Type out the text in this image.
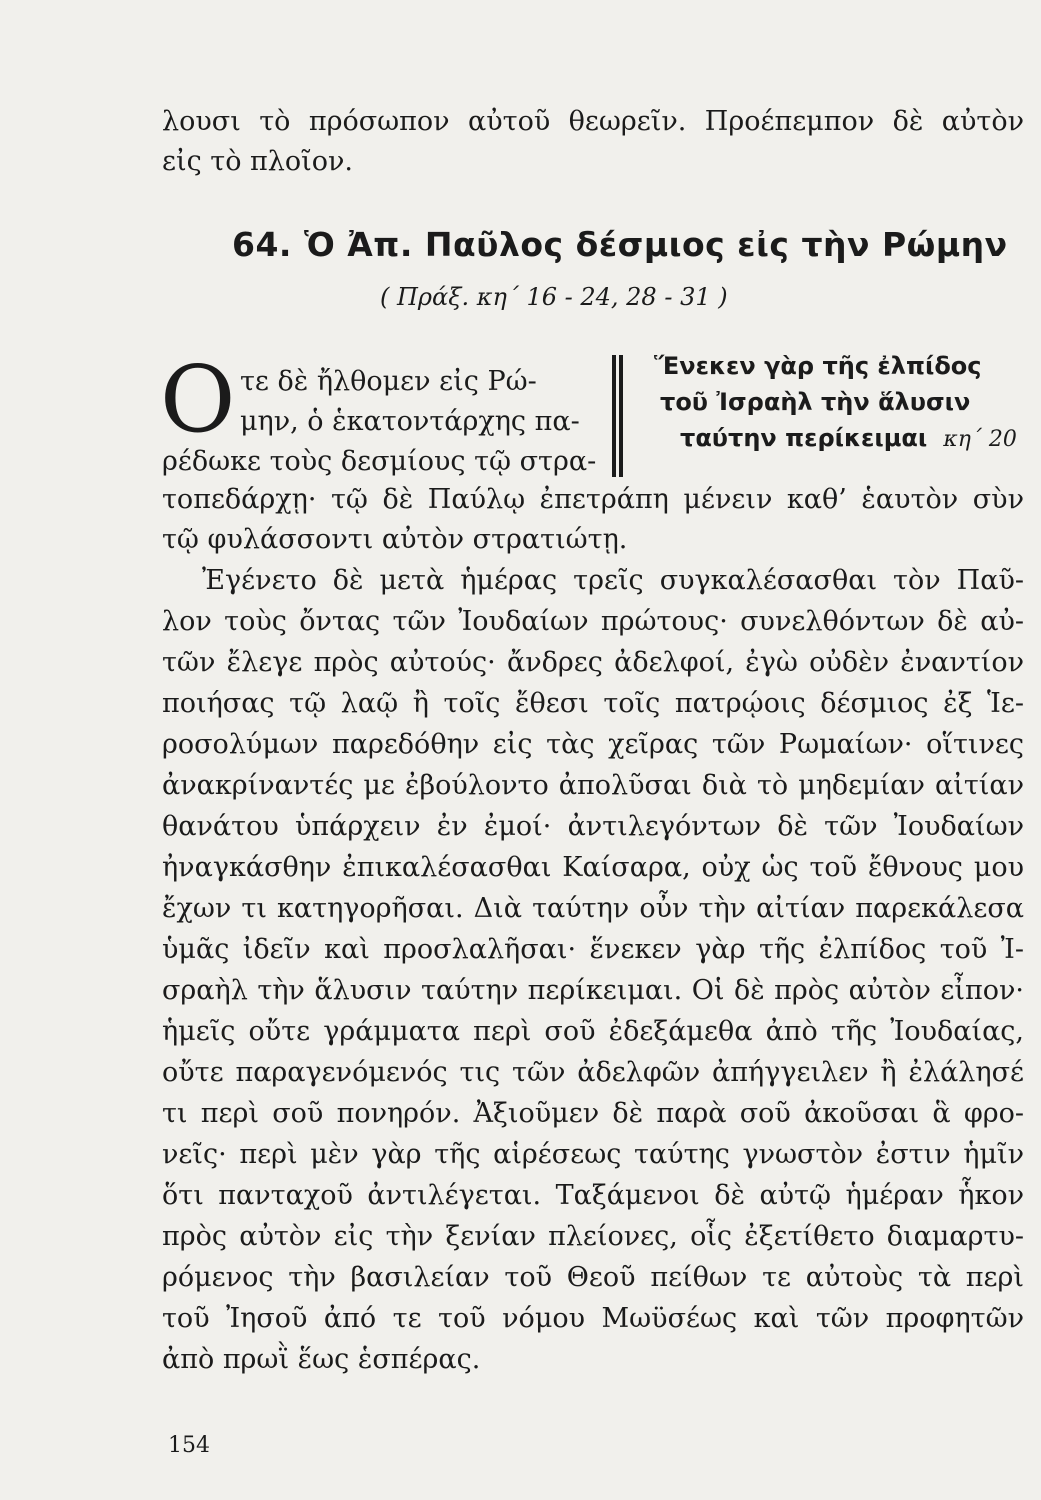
λουσι τὸ πρόσωπον αὐτοῦ θεωρεῖν. Προέπεμπον δὲ αὐτὸν
εἰς τὸ πλοῖον.
64. Ὁ Ἀπ. Παῦλος δέσμιος εἰς τὴν Ρώμην
( Πράξ. κη΄ 16 - 24, 28 - 31 )
Ο τε δὲ ἤλθομεν εἰς Ρώ-
μην, ὁ ἑκατοντάρχης πα-
ρέδωκε τοὺς δεσμίους τῷ στρα-
Ἕνεκεν γὰρ τῆς ἐλπίδος
τοῦ Ἰσραὴλ τὴν ἅλυσιν
ταύτην περίκειμαι κη΄ 20
τοπεδάρχῃ· τῷ δὲ Παύλῳ ἐπετράπη μένειν καθ’ ἑαυτὸν σὺν
τῷ φυλάσσοντι αὐτὸν στρατιώτῃ.
Ἐγένετο δὲ μετὰ ἡμέρας τρεῖς συγκαλέσασθαι τὸν Παῦ-
λον τοὺς ὄντας τῶν Ἰουδαίων πρώτους· συνελθόντων δὲ αὐ-
τῶν ἔλεγε πρὸς αὐτούς· ἄνδρες ἀδελφοί, ἐγὼ οὐδὲν ἐναντίον
ποιήσας τῷ λαῷ ἢ τοῖς ἔθεσι τοῖς πατρῴοις δέσμιος ἐξ Ἱε-
ροσολύμων παρεδόθην εἰς τὰς χεῖρας τῶν Ρωμαίων· οἵτινες
ἀνακρίναντές με ἐβούλοντο ἀπολῦσαι διὰ τὸ μηδεμίαν αἰτίαν
θανάτου ὑπάρχειν ἐν ἐμοί· ἀντιλεγόντων δὲ τῶν Ἰουδαίων
ἠναγκάσθην ἐπικαλέσασθαι Καίσαρα, οὐχ ὡς τοῦ ἔθνους μου
ἔχων τι κατηγορῆσαι. Διὰ ταύτην οὖν τὴν αἰτίαν παρεκάλεσα
ὑμᾶς ἰδεῖν καὶ προσλαλῆσαι· ἕνεκεν γὰρ τῆς ἐλπίδος τοῦ Ἰ-
σραὴλ τὴν ἅλυσιν ταύτην περίκειμαι. Οἱ δὲ πρὸς αὐτὸν εἶπον·
ἡμεῖς οὔτε γράμματα περὶ σοῦ ἐδεξάμεθα ἀπὸ τῆς Ἰουδαίας,
οὔτε παραγενόμενός τις τῶν ἀδελφῶν ἀπήγγειλεν ἢ ἐλάλησέ
τι περὶ σοῦ πονηρόν. Ἀξιοῦμεν δὲ παρὰ σοῦ ἀκοῦσαι ἃ φρο-
νεῖς· περὶ μὲν γὰρ τῆς αἱρέσεως ταύτης γνωστὸν ἐστιν ἡμῖν
ὅτι πανταχοῦ ἀντιλέγεται. Ταξάμενοι δὲ αὐτῷ ἡμέραν ἧκον
πρὸς αὐτὸν εἰς τὴν ξενίαν πλείονες, οἷς ἐξετίθετο διαμαρτυ-
ρόμενος τὴν βασιλείαν τοῦ Θεοῦ πείθων τε αὐτοὺς τὰ περὶ
τοῦ Ἰησοῦ ἀπό τε τοῦ νόμου Μωϋσέως καὶ τῶν προφητῶν
ἀπὸ πρωῒ ἕως ἑσπέρας.
154
